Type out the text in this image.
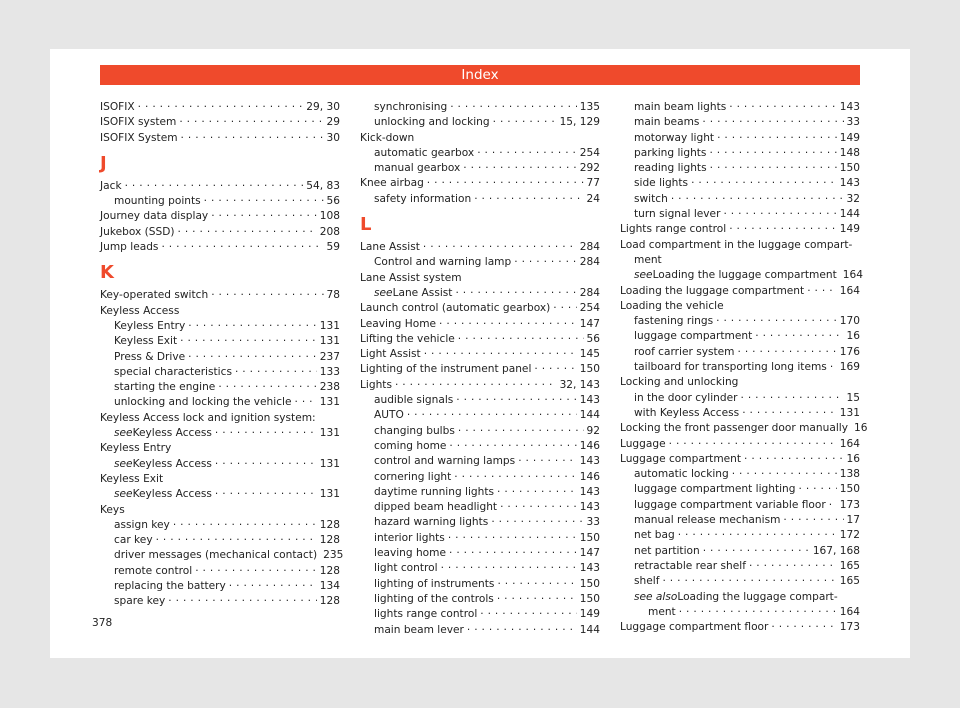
Index
ISOFIX . . .	29, 30
ISOFIX system . . .	29
ISOFIX System . . .	30
J
Jack . . .	54, 83
mounting points . . .	56
Journey data display . . .	108
Jukebox (SSD) . . .	208
Jump leads . . .	59
K
Key-operated switch . . .	78
Keyless Access
Keyless Entry . . .	131
Keyless Exit . . .	131
Press & Drive . . .	237
special characteristics . . .	133
starting the engine . . .	238
unlocking and locking the vehicle . . .	131
Keyless Access lock and ignition system:
see Keyless Access . . .	131
Keyless Entry
see Keyless Access . . .	131
Keyless Exit
see Keyless Access . . .	131
Keys
assign key . . .	128
car key . . .	128
driver messages (mechanical contact) 235
remote control . . .	128
replacing the battery . . .	134
spare key . . .	128
synchronising . . .	135
unlocking and locking . . .	15, 129
Kick-down
automatic gearbox . . .	254
manual gearbox . . .	292
Knee airbag . . .	77
safety information . . .	24
L
Lane Assist . . .	284
Control and warning lamp . . .	284
Lane Assist system
see Lane Assist . . .	284
Launch control (automatic gearbox) . . .	254
Leaving Home . . .	147
Lifting the vehicle . . .	56
Light Assist . . .	145
Lighting of the instrument panel . . .	150
Lights . . .	32, 143
audible signals . . .	143
AUTO . . .	144
changing bulbs . . .	92
coming home . . .	146
control and warning lamps . . .	143
cornering light . . .	146
daytime running lights . . .	143
dipped beam headlight . . .	143
hazard warning lights . . .	33
interior lights . . .	150
leaving home . . .	147
light control . . .	143
lighting of instruments . . .	150
lighting of the controls . . .	150
lights range control . . .	149
main beam lever . . .	144
main beam lights . . .	143
main beams . . .	33
motorway light . . .	149
parking lights . . .	148
reading lights . . .	150
side lights . . .	143
switch . . .	32
turn signal lever . . .	144
Lights range control . . .	149
Load compartment in the luggage compart-
ment
see Loading the luggage compartment 164
Loading the luggage compartment . . .	164
Loading the vehicle
fastening rings . . .	170
luggage compartment . . .	16
roof carrier system . . .	176
tailboard for transporting long items . . . 169
Locking and unlocking
in the door cylinder . . .	15
with Keyless Access . . .	131
Locking the front passenger door manually 16
Luggage . . .	164
Luggage compartment . . .	16
automatic locking . . .	138
luggage compartment lighting . . .	150
luggage compartment variable floor . . . 173
manual release mechanism . . .	17
net bag . . .	172
net partition . . .	167, 168
retractable rear shelf . . .	165
shelf . . .	165
see also Loading the luggage compart-
ment . . .	164
Luggage compartment floor . . .	173
378
